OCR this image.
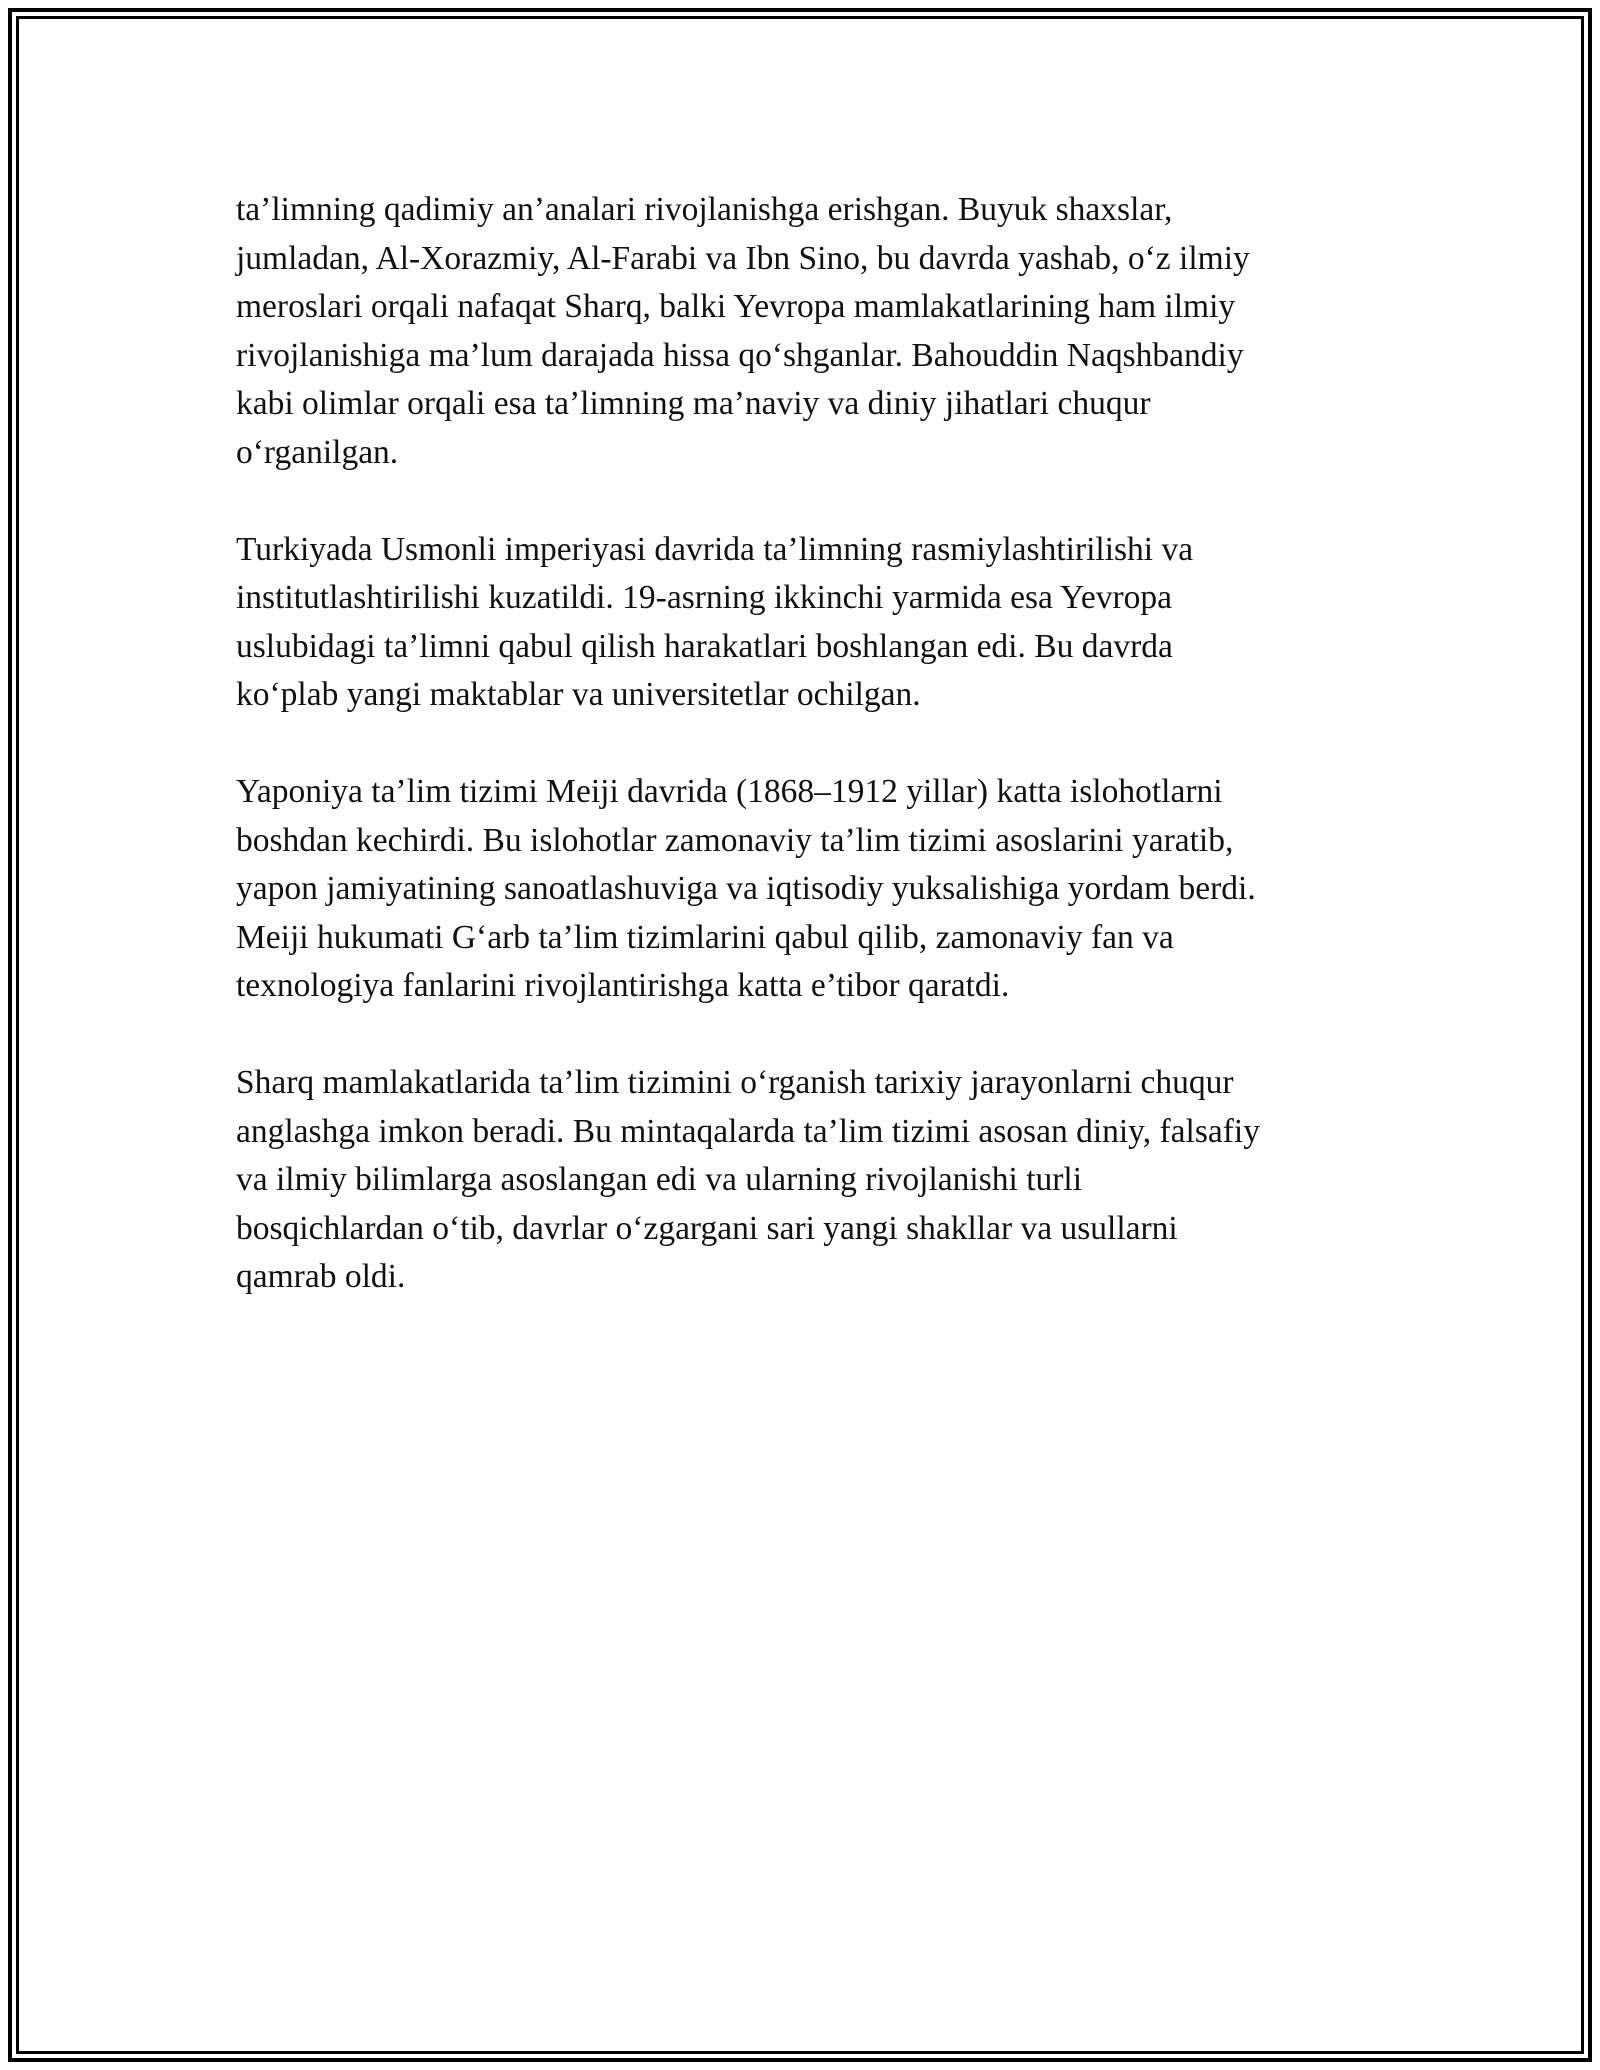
ta’limning qadimiy an’analari rivojlanishga erishgan. Buyuk shaxslar,
jumladan, Al-Xorazmiy, Al-Farabi va Ibn Sino, bu davrda yashab, o‘z ilmiy
meroslari orqali nafaqat Sharq, balki Yevropa mamlakatlarining ham ilmiy
rivojlanishiga ma’lum darajada hissa qo‘shganlar. Bahouddin Naqshbandiy
kabi olimlar orqali esa ta’limning ma’naviy va diniy jihatlari chuqur
o‘rganilgan.

Turkiyada Usmonli imperiyasi davrida ta’limning rasmiylashtirilishi va
institutlashtirilishi kuzatildi. 19-asrning ikkinchi yarmida esa Yevropa
uslubidagi ta’limni qabul qilish harakatlari boshlangan edi. Bu davrda
ko‘plab yangi maktablar va universitetlar ochilgan.

Yaponiya ta’lim tizimi Meiji davrida (1868–1912 yillar) katta islohotlarni
boshdan kechirdi. Bu islohotlar zamonaviy ta’lim tizimi asoslarini yaratib,
yapon jamiyatining sanoatlashuviga va iqtisodiy yuksalishiga yordam berdi.
Meiji hukumati G‘arb ta’lim tizimlarini qabul qilib, zamonaviy fan va
texnologiya fanlarini rivojlantirishga katta e’tibor qaratdi.

Sharq mamlakatlarida ta’lim tizimini o‘rganish tarixiy jarayonlarni chuqur
anglashga imkon beradi. Bu mintaqalarda ta’lim tizimi asosan diniy, falsafiy
va ilmiy bilimlarga asoslangan edi va ularning rivojlanishi turli
bosqichlardan o‘tib, davrlar o‘zgargani sari yangi shakllar va usullarni
qamrab oldi.
